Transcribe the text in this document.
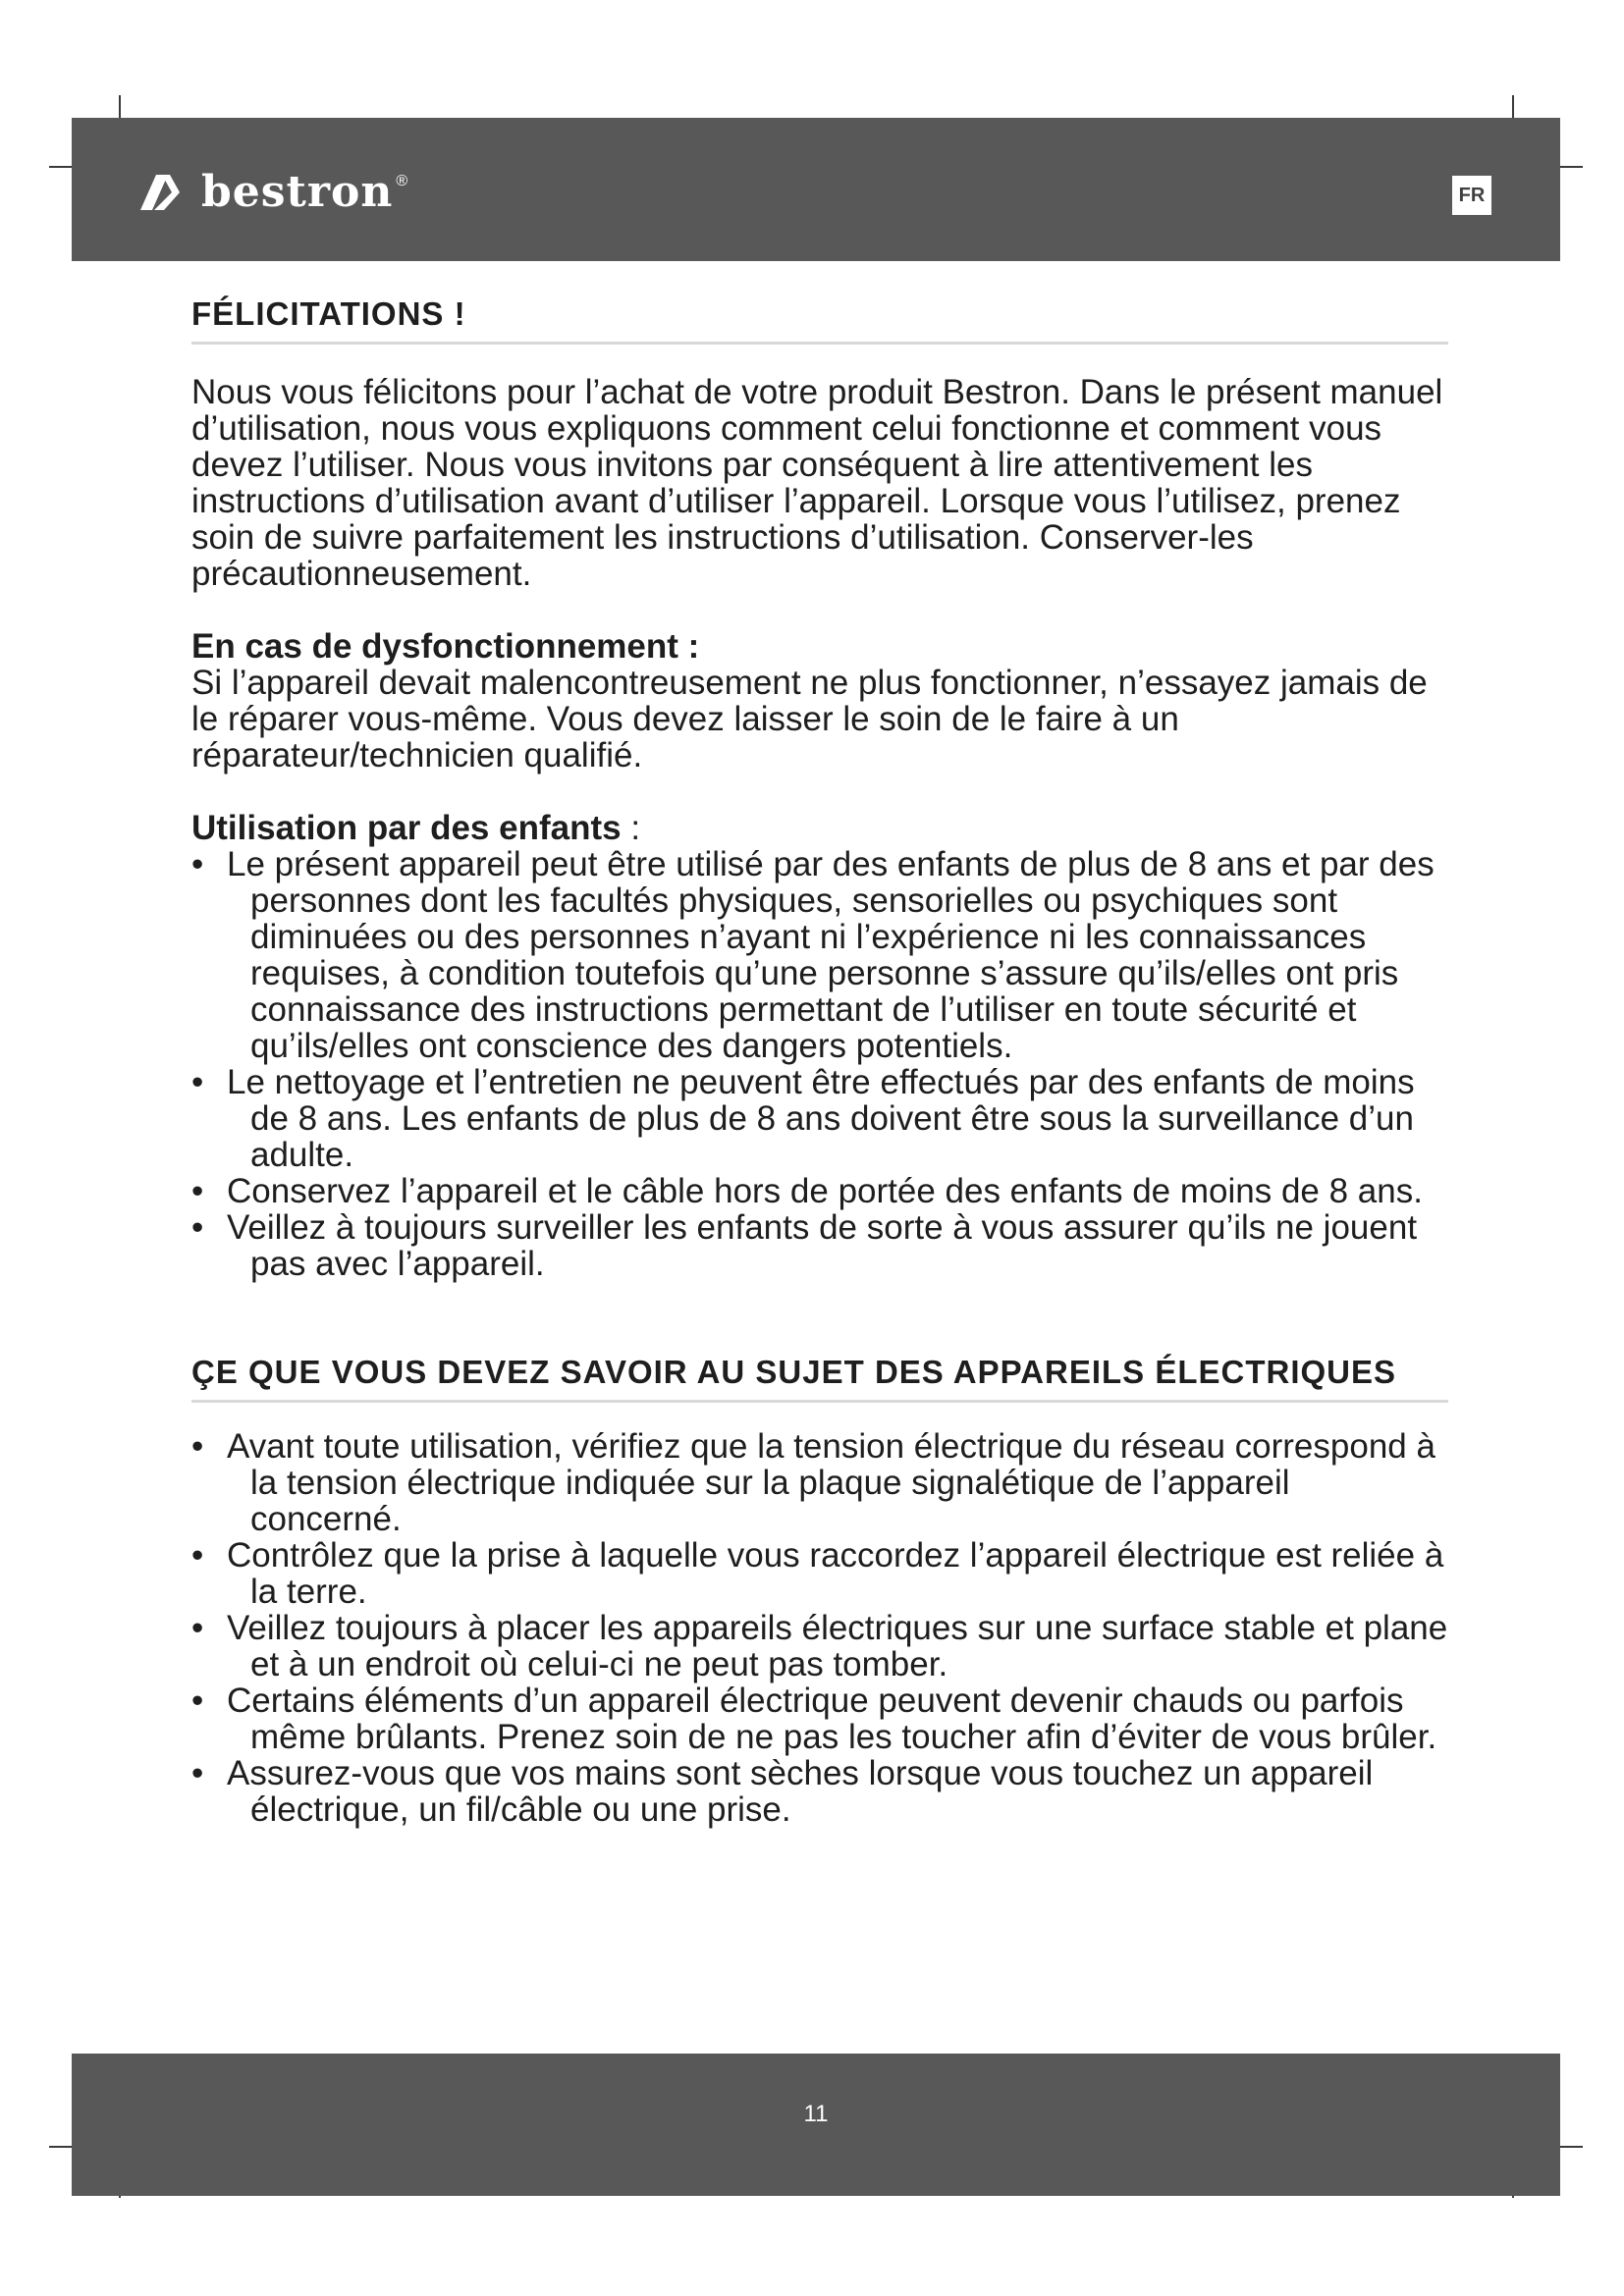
bestron ®
FR
FÉLICITATIONS !

Nous vous félicitons pour l’achat de votre produit Bestron. Dans le présent manuel d’utilisation, nous vous expliquons comment celui fonctionne et comment vous devez l’utiliser. Nous vous invitons par conséquent à lire attentivement les instructions d’utilisation avant d’utiliser l’appareil. Lorsque vous l’utilisez, prenez soin de suivre parfaitement les instructions d’utilisation. Conserver-les précautionneusement.

En cas de dysfonctionnement :

Si l’appareil devait malencontreusement ne plus fonctionner, n’essayez jamais de le réparer vous-même. Vous devez laisser le soin de le faire à un réparateur/technicien qualifié.

Utilisation par des enfants :

• Le présent appareil peut être utilisé par des enfants de plus de 8 ans et par des personnes dont les facultés physiques, sensorielles ou psychiques sont diminuées ou des personnes n’ayant ni l’expérience ni les connaissances requises, à condition toutefois qu’une personne s’assure qu’ils/elles ont pris connaissance des instructions permettant de l’utiliser en toute sécurité et qu’ils/elles ont conscience des dangers potentiels.
• Le nettoyage et l’entretien ne peuvent être effectués par des enfants de moins de 8 ans. Les enfants de plus de 8 ans doivent être sous la surveillance d’un adulte.
• Conservez l’appareil et le câble hors de portée des enfants de moins de 8 ans.
• Veillez à toujours surveiller les enfants de sorte à vous assurer qu’ils ne jouent pas avec l’appareil.
ÇE QUE VOUS DEVEZ SAVOIR AU SUJET DES APPAREILS ÉLECTRIQUES
• Avant toute utilisation, vérifiez que la tension électrique du réseau correspond à la tension électrique indiquée sur la plaque signalétique de l’appareil concerné.
• Contrôlez que la prise à laquelle vous raccordez l’appareil électrique est reliée à la terre.
• Veillez toujours à placer les appareils électriques sur une surface stable et plane et à un endroit où celui-ci ne peut pas tomber.
• Certains éléments d’un appareil électrique peuvent devenir chauds ou parfois même brûlants. Prenez soin de ne pas les toucher afin d’éviter de vous brûler.
• Assurez-vous que vos mains sont sèches lorsque vous touchez un appareil électrique, un fil/câble ou une prise.
11
